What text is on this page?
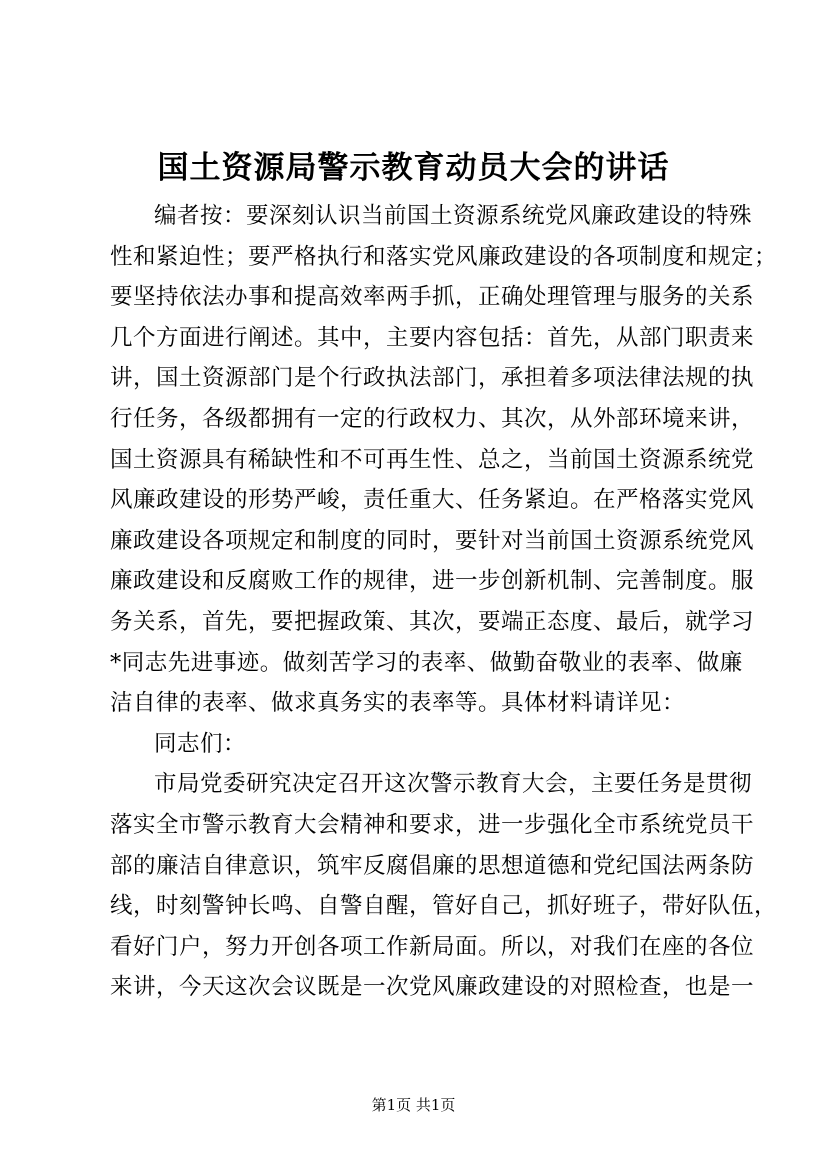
国土资源局警示教育动员大会的讲话
编者按：要深刻认识当前国土资源系统党风廉政建设的特殊
性和紧迫性；要严格执行和落实党风廉政建设的各项制度和规定；
要坚持依法办事和提高效率两手抓，正确处理管理与服务的关系
几个方面进行阐述。其中，主要内容包括：首先，从部门职责来
讲，国土资源部门是个行政执法部门，承担着多项法律法规的执
行任务，各级都拥有一定的行政权力、其次，从外部环境来讲，
国土资源具有稀缺性和不可再生性、总之，当前国土资源系统党
风廉政建设的形势严峻，责任重大、任务紧迫。在严格落实党风
廉政建设各项规定和制度的同时，要针对当前国土资源系统党风
廉政建设和反腐败工作的规律，进一步创新机制、完善制度。服
务关系，首先，要把握政策、其次，要端正态度、最后，就学习
*同志先进事迹。做刻苦学习的表率、做勤奋敬业的表率、做廉
洁自律的表率、做求真务实的表率等。具体材料请详见：
同志们：
市局党委研究决定召开这次警示教育大会，主要任务是贯彻
落实全市警示教育大会精神和要求，进一步强化全市系统党员干
部的廉洁自律意识，筑牢反腐倡廉的思想道德和党纪国法两条防
线，时刻警钟长鸣、自警自醒，管好自己，抓好班子，带好队伍，
看好门户，努力开创各项工作新局面。所以，对我们在座的各位
来讲，今天这次会议既是一次党风廉政建设的对照检查，也是一
第1页 共1页
